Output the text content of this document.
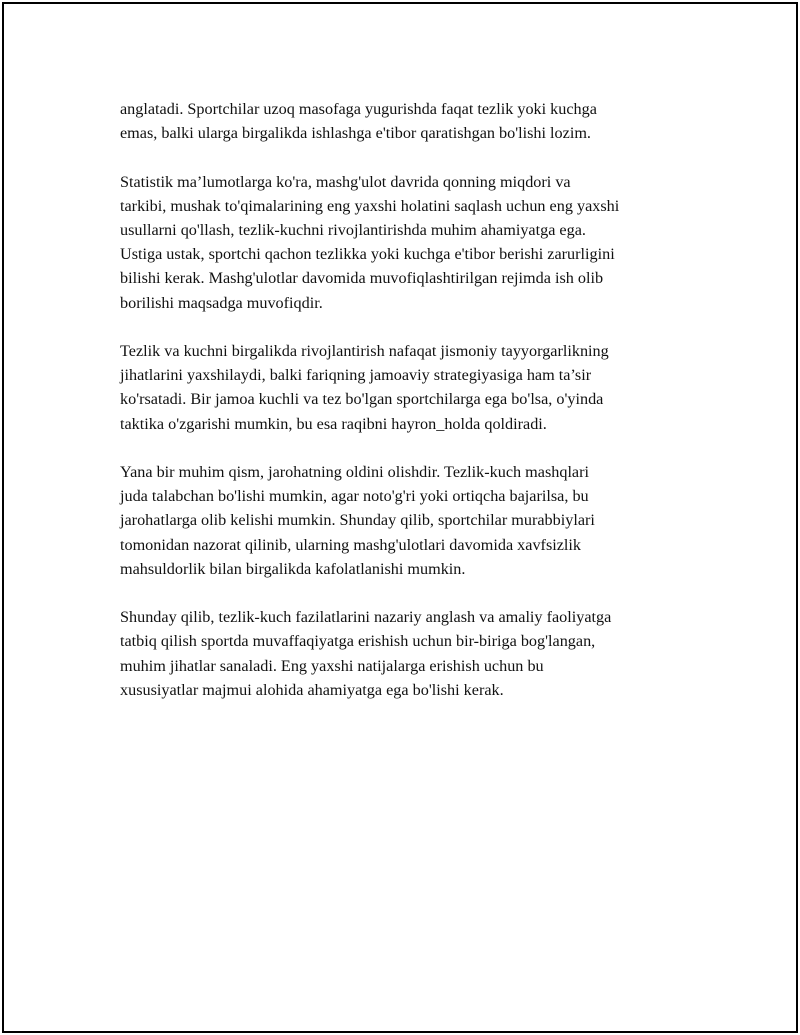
anglatadi. Sportchilar uzoq masofaga yugurishda faqat tezlik yoki kuchga
emas, balki ularga birgalikda ishlashga e'tibor qaratishgan bo'lishi lozim.

Statistik ma’lumotlarga ko'ra, mashg'ulot davrida qonning miqdori va
tarkibi, mushak to'qimalarining eng yaxshi holatini saqlash uchun eng yaxshi
usullarni qo'llash, tezlik-kuchni rivojlantirishda muhim ahamiyatga ega.
Ustiga ustak, sportchi qachon tezlikka yoki kuchga e'tibor berishi zarurligini
bilishi kerak. Mashg'ulotlar davomida muvofiqlashtirilgan rejimda ish olib
borilishi maqsadga muvofiqdir.

Tezlik va kuchni birgalikda rivojlantirish nafaqat jismoniy tayyorgarlikning
jihatlarini yaxshilaydi, balki fariqning jamoaviy strategiyasiga ham ta’sir
ko'rsatadi. Bir jamoa kuchli va tez bo'lgan sportchilarga ega bo'lsa, o'yinda
taktika o'zgarishi mumkin, bu esa raqibni hayron_holda qoldiradi.

Yana bir muhim qism, jarohatning oldini olishdir. Tezlik-kuch mashqlari
juda talabchan bo'lishi mumkin, agar noto'g'ri yoki ortiqcha bajarilsa, bu
jarohatlarga olib kelishi mumkin. Shunday qilib, sportchilar murabbiylari
tomonidan nazorat qilinib, ularning mashg'ulotlari davomida xavfsizlik
mahsuldorlik bilan birgalikda kafolatlanishi mumkin.

Shunday qilib, tezlik-kuch fazilatlarini nazariy anglash va amaliy faoliyatga
tatbiq qilish sportda muvaffaqiyatga erishish uchun bir-biriga bog'langan,
muhim jihatlar sanaladi. Eng yaxshi natijalarga erishish uchun bu
xususiyatlar majmui alohida ahamiyatga ega bo'lishi kerak.
